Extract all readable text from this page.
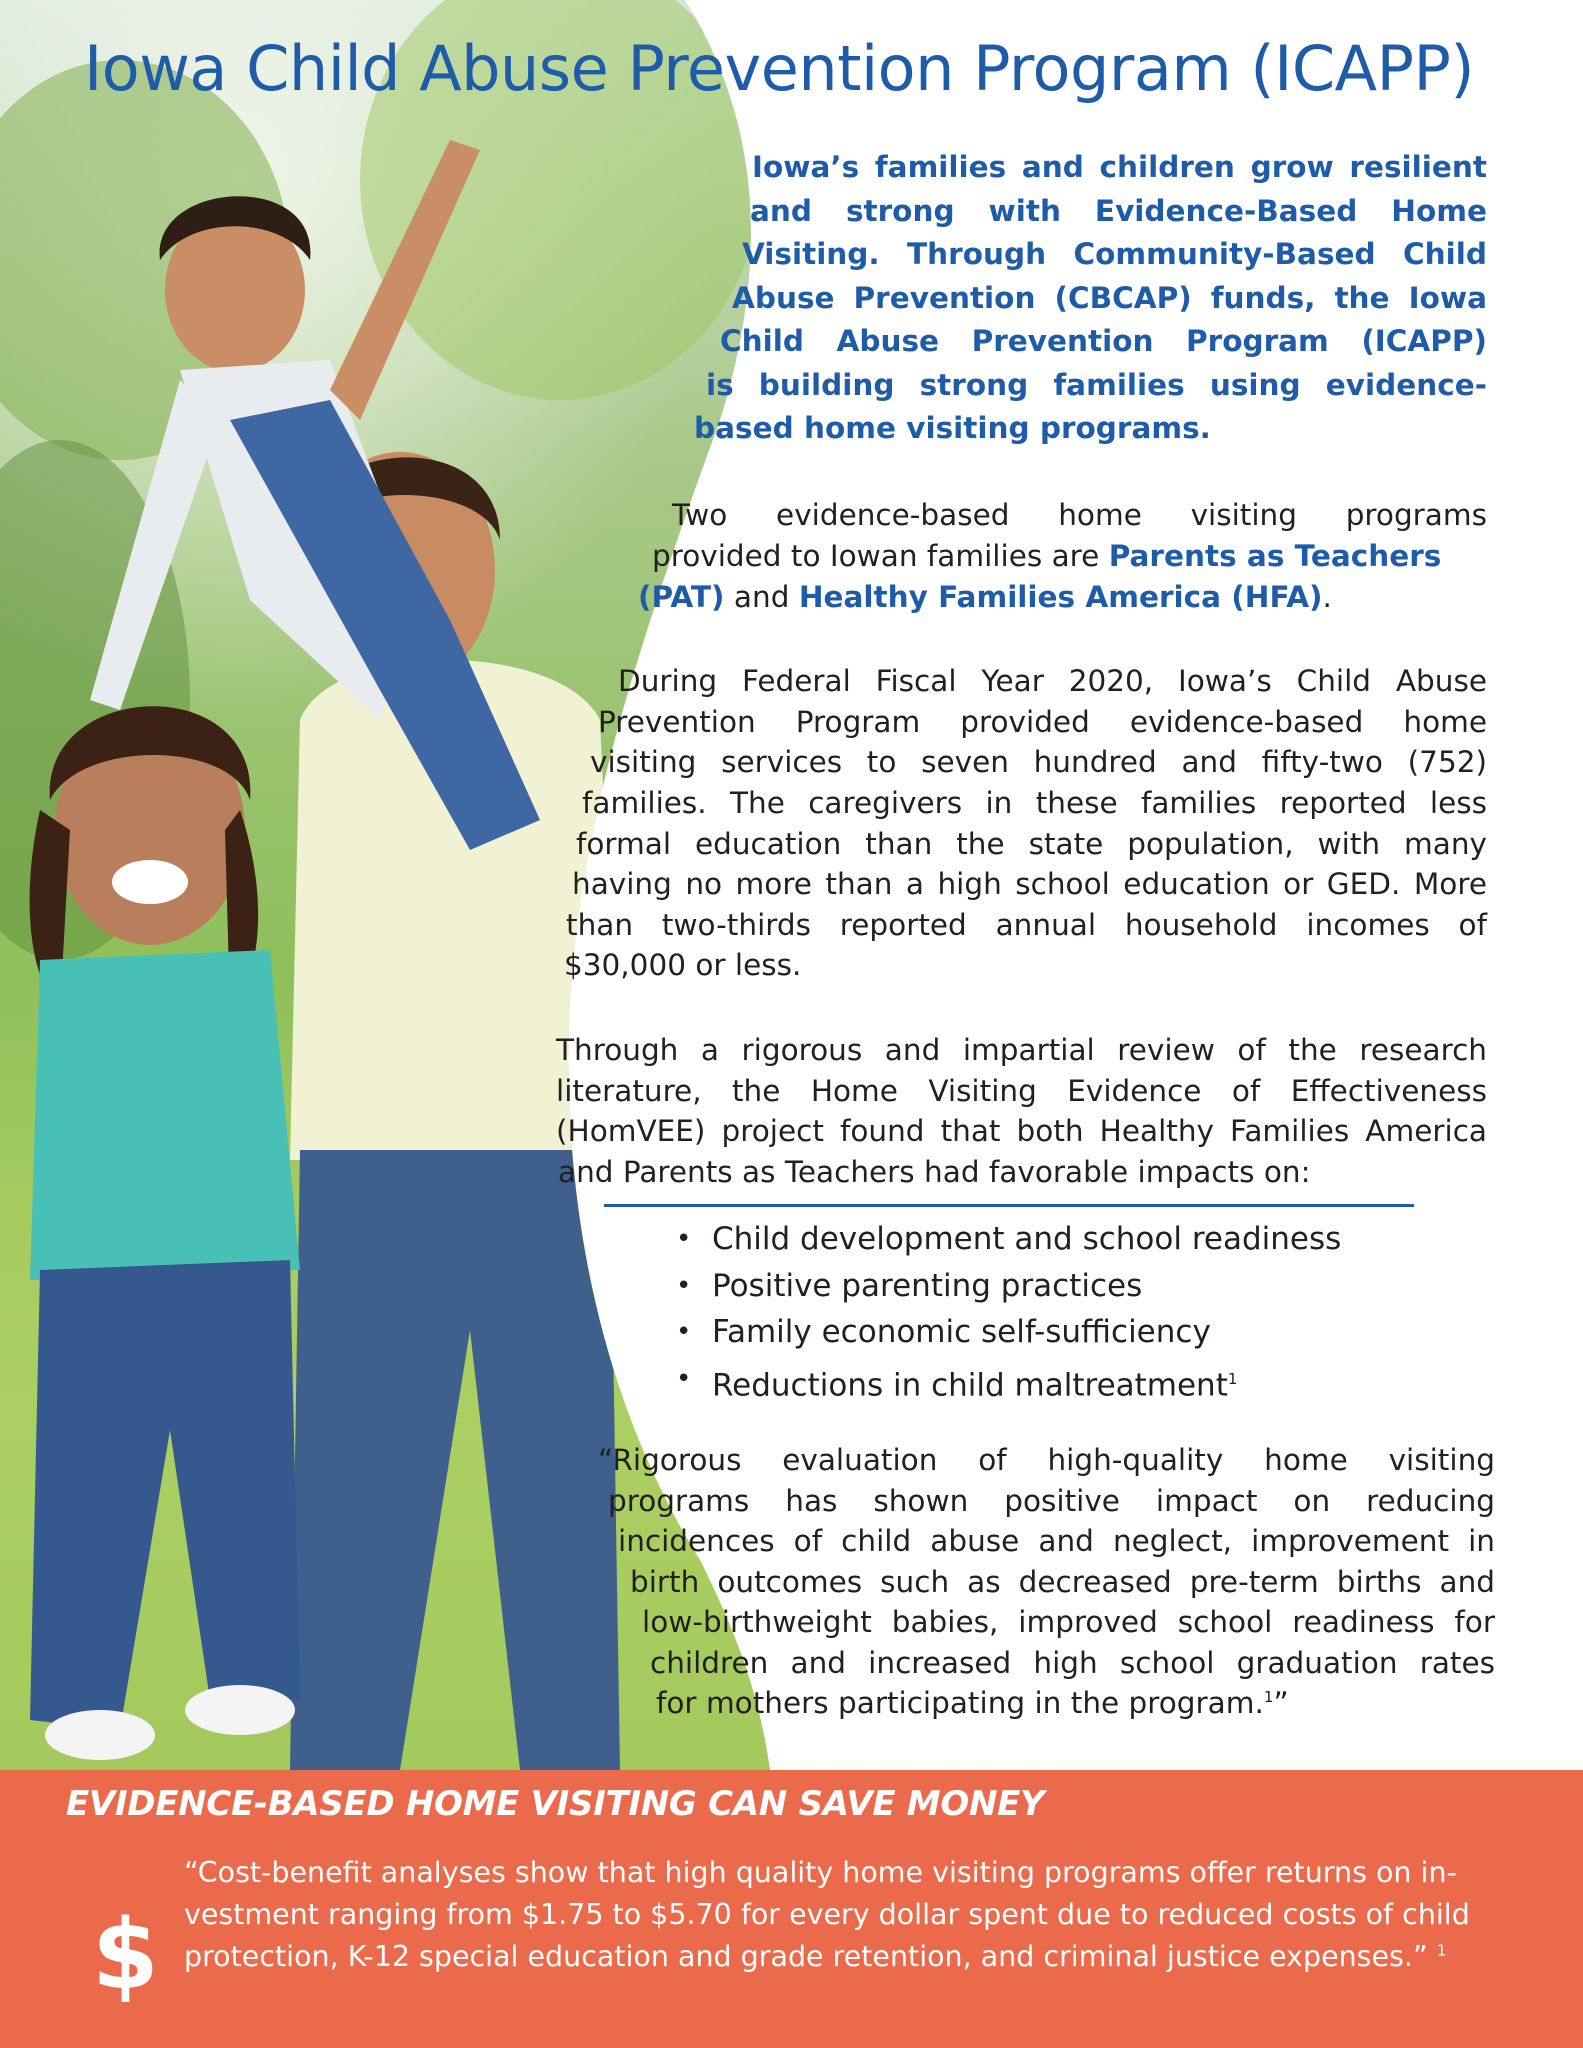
Iowa Child Abuse Prevention Program (ICAPP)
Iowa’s families and children grow resilient
and strong with Evidence-Based Home
Visiting. Through Community-Based Child
Abuse Prevention (CBCAP) funds, the Iowa
Child Abuse Prevention Program (ICAPP)
is building strong families using evidence-
based home visiting programs.
Two evidence-based home visiting programs
provided to Iowan families are Parents as Teachers
(PAT) and Healthy Families America (HFA).
During Federal Fiscal Year 2020, Iowa’s Child Abuse
Prevention Program provided evidence-based home
visiting services to seven hundred and fifty-two (752)
families. The caregivers in these families reported less
formal education than the state population, with many
having no more than a high school education or GED. More
than two-thirds reported annual household incomes of
$30,000 or less.
Through a rigorous and impartial review of the research
literature, the Home Visiting Evidence of Effectiveness
(HomVEE) project found that both Healthy Families America
and Parents as Teachers had favorable impacts on:
• Child development and school readiness
• Positive parenting practices
• Family economic self-sufficiency
• Reductions in child maltreatment$^1$
“Rigorous evaluation of high-quality home visiting
programs has shown positive impact on reducing
incidences of child abuse and neglect, improvement in
birth outcomes such as decreased pre-term births and
low-birthweight babies, improved school readiness for
children and increased high school graduation rates
for mothers participating in the program.$^1$”
EVIDENCE-BASED HOME VISITING CAN SAVE MONEY
$
“Cost-benefit analyses show that high quality home visiting programs offer returns on in-
vestment ranging from $1.75 to $5.70 for every dollar spent due to reduced costs of child
protection, K-12 special education and grade retention, and criminal justice expenses.” $^1$
